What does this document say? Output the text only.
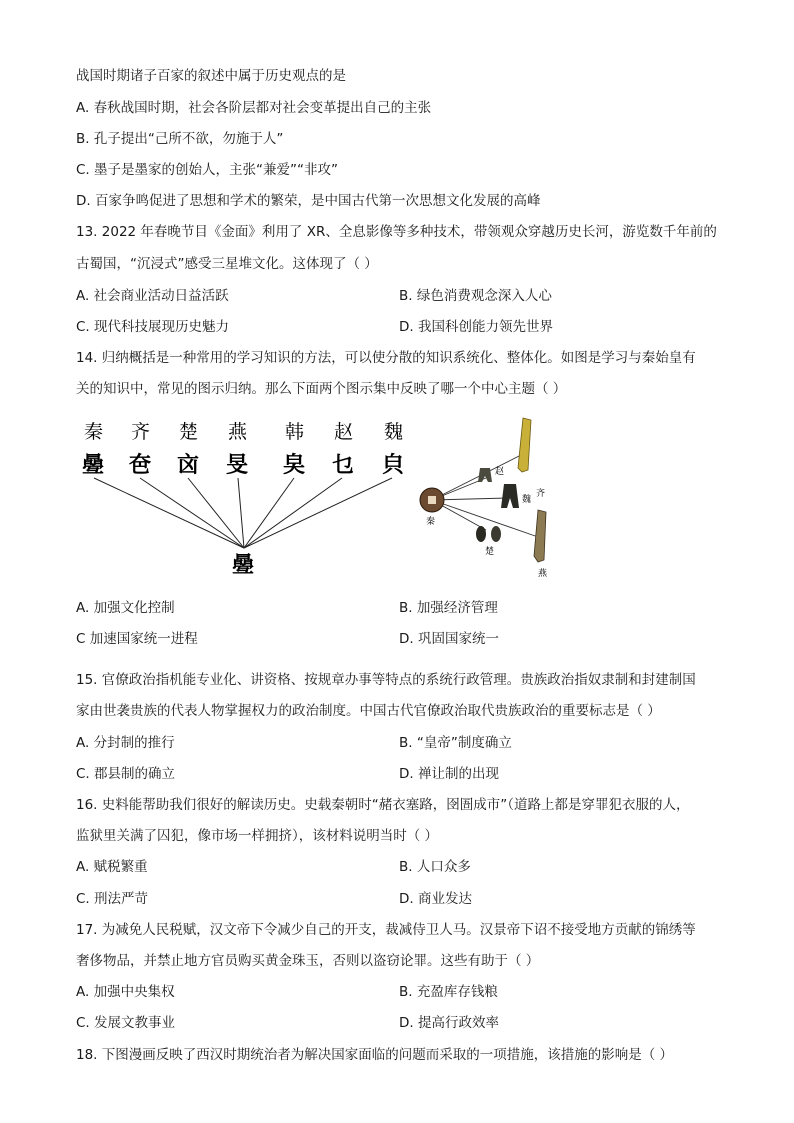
战国时期诸子百家的叙述中属于历史观点的是
A. 春秋战国时期，社会各阶层都对社会变革提出自己的主张
B. 孔子提出“己所不欲，勿施于人”
C. 墨子是墨家的创始人，主张“兼爱”“非攻”
D. 百家争鸣促进了思想和学术的繁荣，是中国古代第一次思想文化发展的高峰
13. 2022 年春晚节目《金面》利用了 XR、全息影像等多种技术，带领观众穿越历史长河，游览数千年前的
古蜀国，“沉浸式”感受三星堆文化。这体现了（ ）
A. 社会商业活动日益活跃	B. 绿色消费观念深入人心
C. 现代科技展现历史魅力	D. 我国科创能力领先世界
14. 归纳概括是一种常用的学习知识的方法，可以使分散的知识系统化、整体化。如图是学习与秦始皇有
关的知识中，常见的图示归纳。那么下面两个图示集中反映了哪一个中心主题（ ）
秦 齐 楚 燕 韩 赵 魏
㬪 夿 㐫 旻 㚖 乜 㒵
㬪
秦
齐
赵
魏
楚
燕
A. 加强文化控制	B. 加强经济管理
C 加速国家统一进程	D. 巩固国家统一
15. 官僚政治指机能专业化、讲资格、按规章办事等特点的系统行政管理。贵族政治指奴隶制和封建制国
家由世袭贵族的代表人物掌握权力的政治制度。中国古代官僚政治取代贵族政治的重要标志是（ ）
A. 分封制的推行	B. “皇帝”制度确立
C. 郡县制的确立	D. 禅让制的出现
16. 史料能帮助我们很好的解读历史。史载秦朝时“赭衣塞路，囹圄成市”（道路上都是穿罪犯衣服的人，
监狱里关满了囚犯，像市场一样拥挤），该材料说明当时（ ）
A. 赋税繁重	B. 人口众多
C. 刑法严苛	D. 商业发达
17. 为减免人民税赋，汉文帝下令减少自己的开支，裁减侍卫人马。汉景帝下诏不接受地方贡献的锦绣等
奢侈物品，并禁止地方官员购买黄金珠玉，否则以盗窃论罪。这些有助于（ ）
A. 加强中央集权	B. 充盈库存钱粮
C. 发展文教事业	D. 提高行政效率
18. 下图漫画反映了西汉时期统治者为解决国家面临的问题而采取的一项措施，该措施的影响是（ ）
